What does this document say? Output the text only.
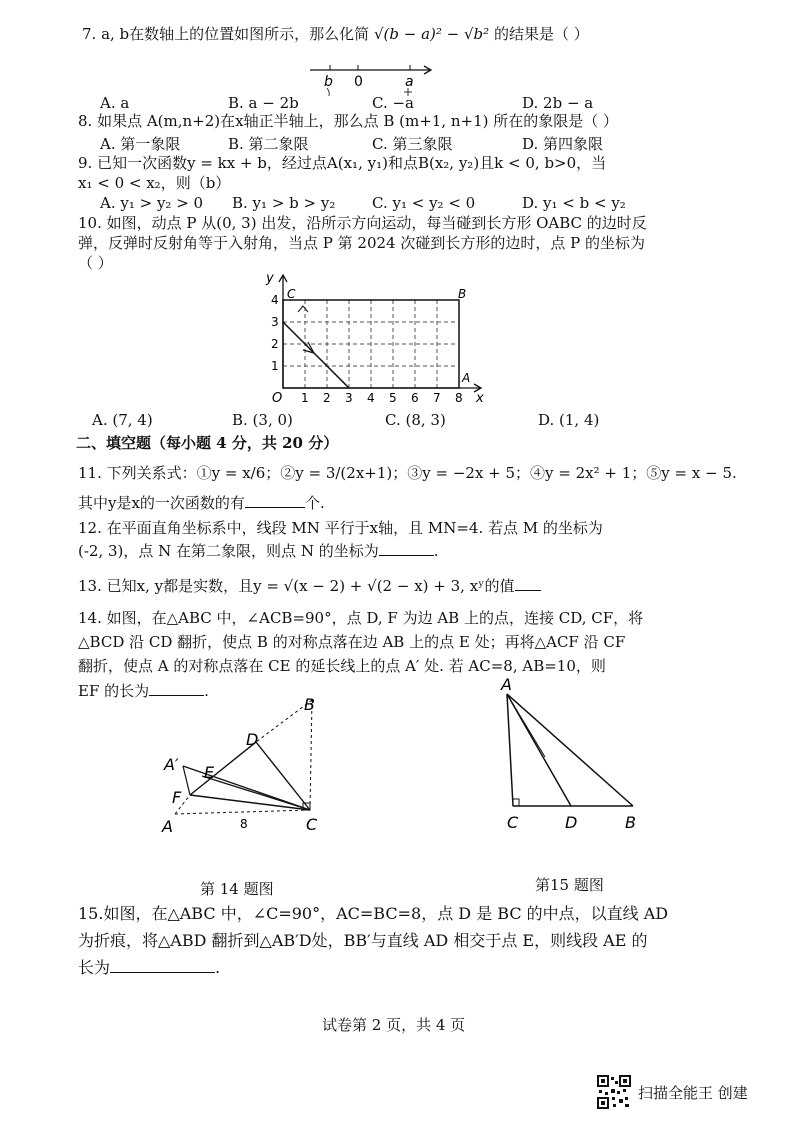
7. a, b在数轴上的位置如图所示，那么化简 √(b − a)² − √b² 的结果是（ ）
b 0	a
A. a	B. a − 2b	C. −a	D. 2b − a
8. 如果点 A(m,n+2)在x轴正半轴上，那么点 B (m+1, n+1) 所在的象限是（ ）
A. 第一象限	B. 第二象限	C. 第三象限	D. 第四象限
9. 已知一次函数y = kx + b，经过点A(x₁, y₁)和点B(x₂, y₂)且k < 0, b>0，当
x₁ < 0 < x₂，则（b）
A. y₁ > y₂ > 0 B. y₁ > b > y₂ C. y₁ < y₂ < 0	D. y₁ < b < y₂
10. 如图，动点 P 从(0, 3) 出发，沿所示方向运动，每当碰到长方形 OABC 的边时反
弹，反弹时反射角等于入射角，当点 P 第 2024 次碰到长方形的边时，点 P 的坐标为
（ ）
y
x
O
C	B
A
1 2 3 4 5 6 7 8
1
2
3
4
A. (7, 4)	B. (3, 0)	C. (8, 3)	D. (1, 4)
二、填空题（每小题 4 分，共 20 分）
11. 下列关系式：①y = x/6；②y = 3/(2x+1)；③y = −2x + 5；④y = 2x² + 1；⑤y = x − 5.
其中y是x的一次函数的有	个.
12. 在平面直角坐标系中，线段 MN 平行于x轴，且 MN=4. 若点 M 的坐标为
(-2, 3)，点 N 在第二象限，则点 N 的坐标为	.
13. 已知x, y都是实数，且y = √(x − 2) + √(2 − x) + 3, xʸ的值
14. 如图，在△ABC 中，∠ACB=90°，点 D, F 为边 AB 上的点，连接 CD, CF，将
△BCD 沿 CD 翻折，使点 B 的对称点落在边 AB 上的点 E 处；再将△ACF 沿 CF
翻折，使点 A 的对称点落在 CE 的延长线上的点 A′ 处. 若 AC=8, AB=10，则
EF 的长为	.
B
D
A′ E
F
A	C
8
A
C	D	B
第 14 题图	第15 题图
15.如图，在△ABC 中，∠C=90°，AC=BC=8，点 D 是 BC 的中点，以直线 AD
为折痕，将△ABD 翻折到△AB′D处，BB′与直线 AD 相交于点 E，则线段 AE 的
长为	.
试卷第 2 页，共 4 页
扫描全能王 创建
